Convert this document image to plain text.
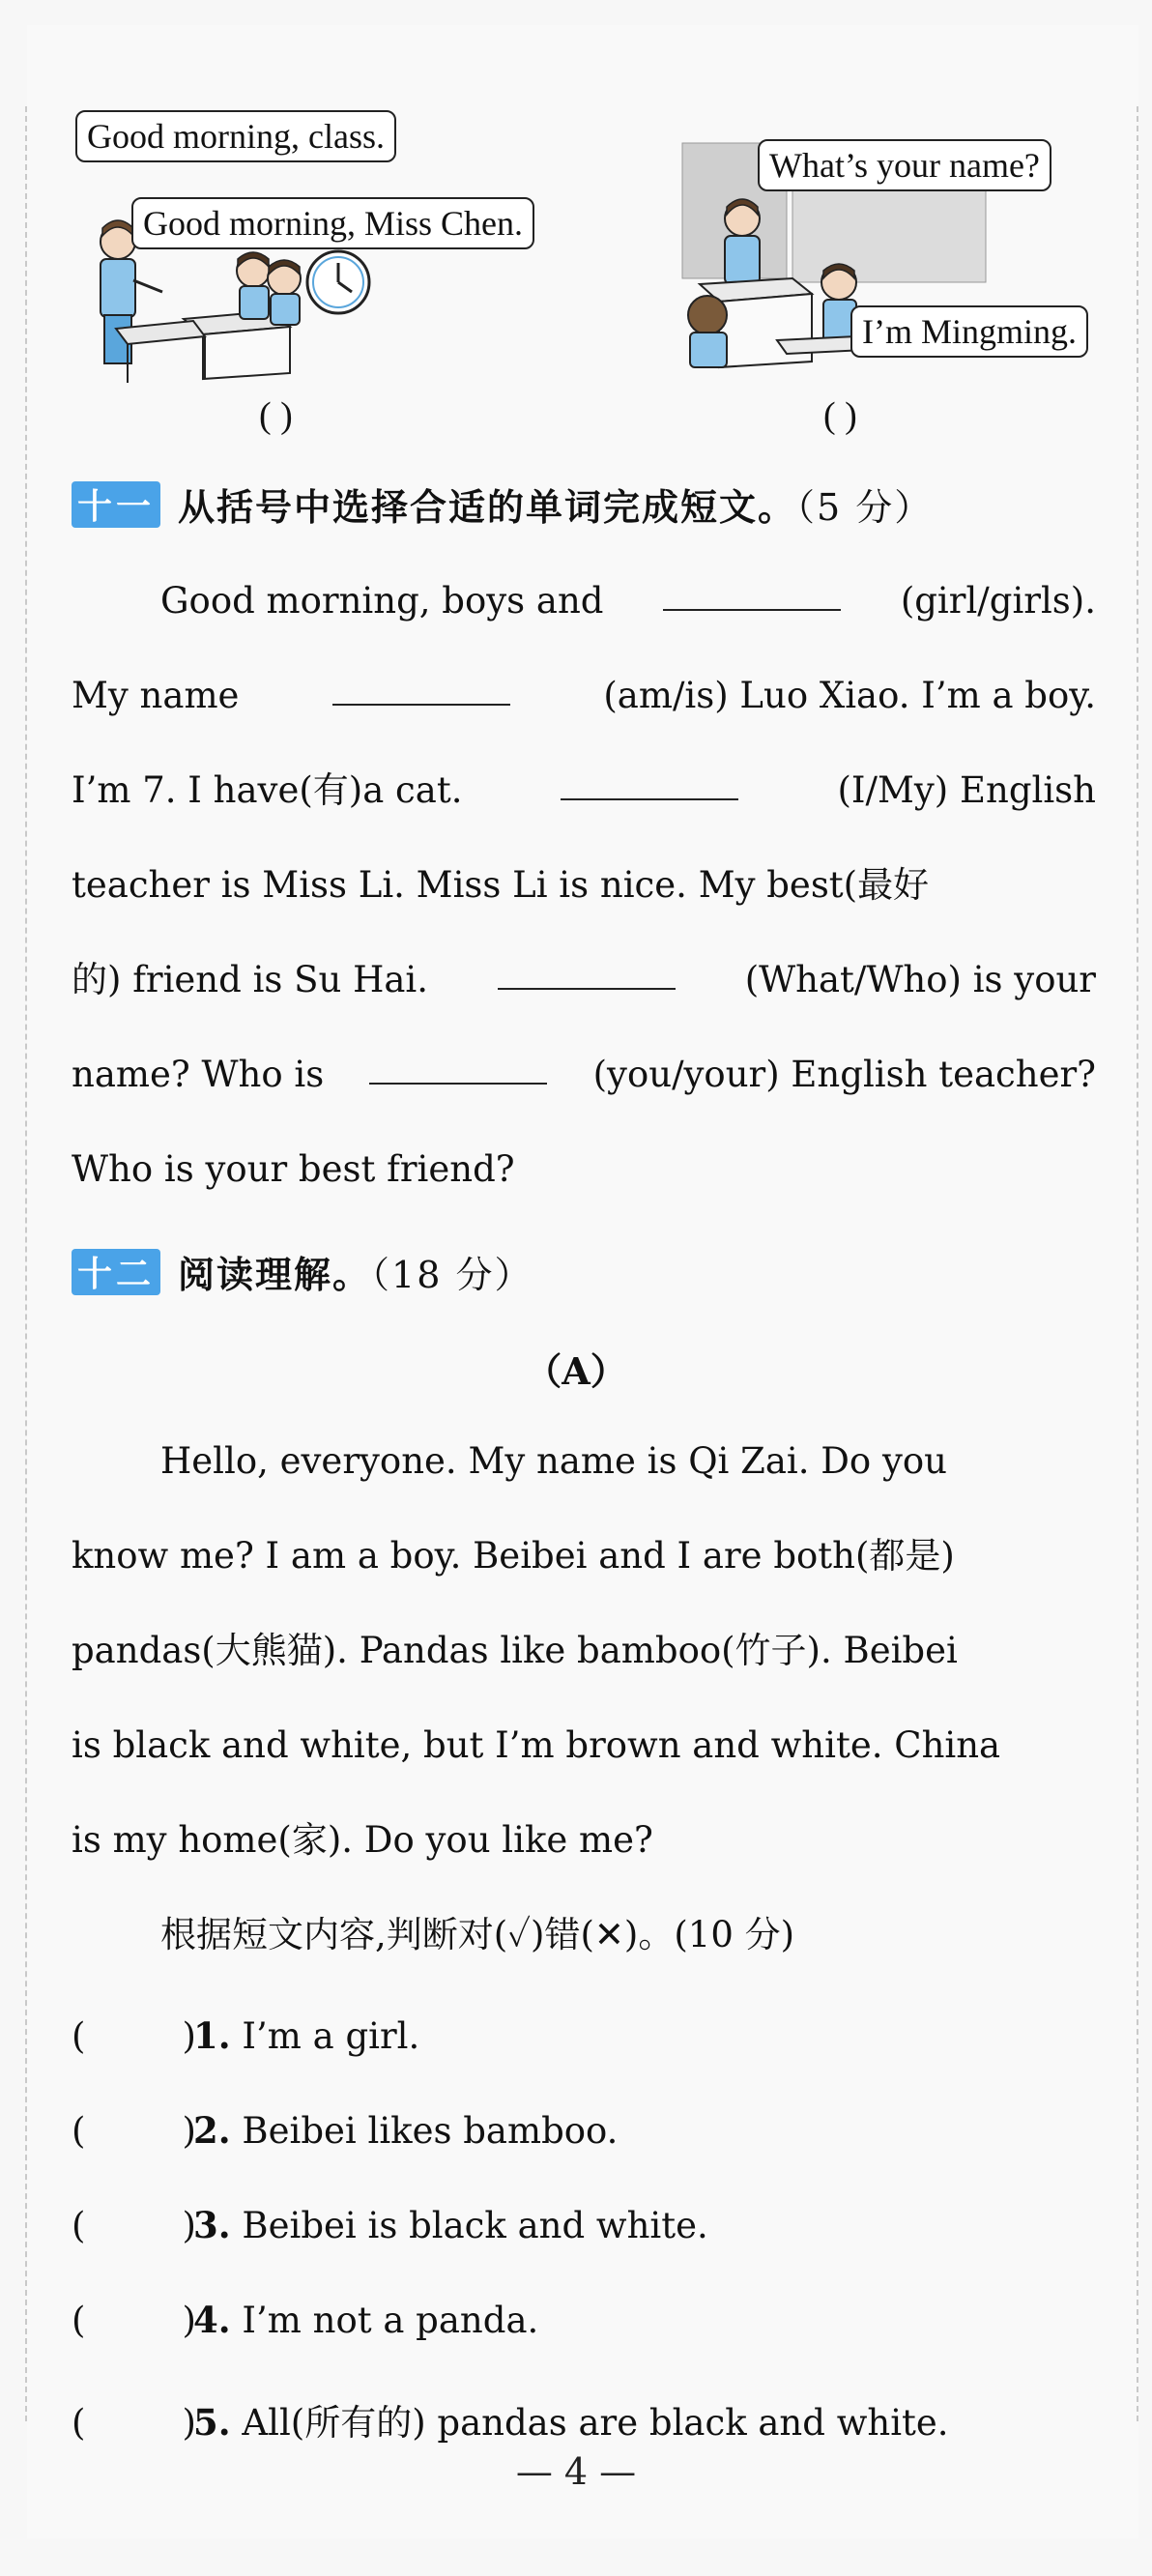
Good morning, class.
Good morning, Miss Chen.
( )
What’s your name?
I’m Mingming.
( )
十一 从括号中选择合适的单词完成短文。（5 分）
Good morning, boys and	(girl/girls).
My name	(am/is) Luo Xiao. I’m a boy.
I’m 7. I have(有)a cat.	(I/My) English
teacher is Miss Li. Miss Li is nice. My best(最好
的) friend is Su Hai.	(What/Who) is your
name? Who is	(you/your) English teacher?
Who is your best friend?
十二 阅读理解。（18 分）
（A）
Hello, everyone. My name is Qi Zai. Do you
know me? I am a boy. Beibei and I are both(都是)
pandas(大熊猫). Pandas like bamboo(竹子). Beibei
is black and white, but I’m brown and white. China
is my home(家). Do you like me?
根据短文内容,判断对(✓)错(✕)。(10 分)
(	)1. I’m a girl.
(	)2. Beibei likes bamboo.
(	)3. Beibei is black and white.
(	)4. I’m not a panda.
(	)5. All(所有的) pandas are black and white.
— 4 —
